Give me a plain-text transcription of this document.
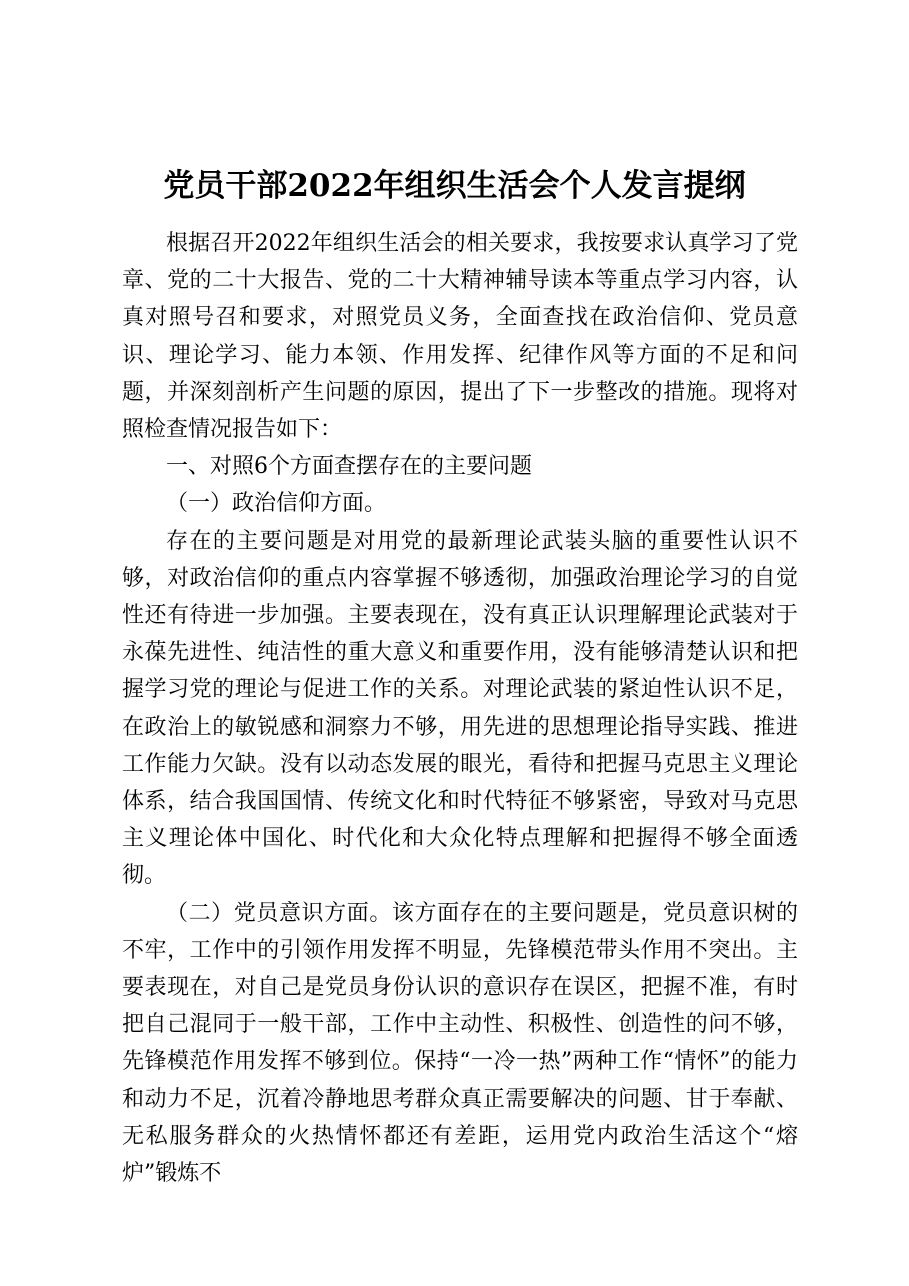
党员干部2022年组织生活会个人发言提纲

根据召开2022年组织生活会的相关要求，我按要求认真学习了党章、党的二十大报告、党的二十大精神辅导读本等重点学习内容，认真对照号召和要求，对照党员义务，全面查找在政治信仰、党员意识、理论学习、能力本领、作用发挥、纪律作风等方面的不足和问题，并深刻剖析产生问题的原因，提出了下一步整改的措施。现将对照检查情况报告如下：

一、对照6个方面查摆存在的主要问题

（一）政治信仰方面。

存在的主要问题是对用党的最新理论武装头脑的重要性认识不够，对政治信仰的重点内容掌握不够透彻，加强政治理论学习的自觉性还有待进一步加强。主要表现在，没有真正认识理解理论武装对于永葆先进性、纯洁性的重大意义和重要作用，没有能够清楚认识和把握学习党的理论与促进工作的关系。对理论武装的紧迫性认识不足，在政治上的敏锐感和洞察力不够，用先进的思想理论指导实践、推进工作能力欠缺。没有以动态发展的眼光，看待和把握马克思主义理论体系，结合我国国情、传统文化和时代特征不够紧密，导致对马克思主义理论体中国化、时代化和大众化特点理解和把握得不够全面透彻。

（二）党员意识方面。该方面存在的主要问题是，党员意识树的不牢，工作中的引领作用发挥不明显，先锋模范带头作用不突出。主要表现在，对自己是党员身份认识的意识存在误区，把握不准，有时把自己混同于一般干部，工作中主动性、积极性、创造性的问不够，先锋模范作用发挥不够到位。保持“一冷一热”两种工作“情怀”的能力和动力不足，沉着冷静地思考群众真正需要解决的问题、甘于奉献、无私服务群众的火热情怀都还有差距，运用党内政治生活这个“熔炉”锻炼不
